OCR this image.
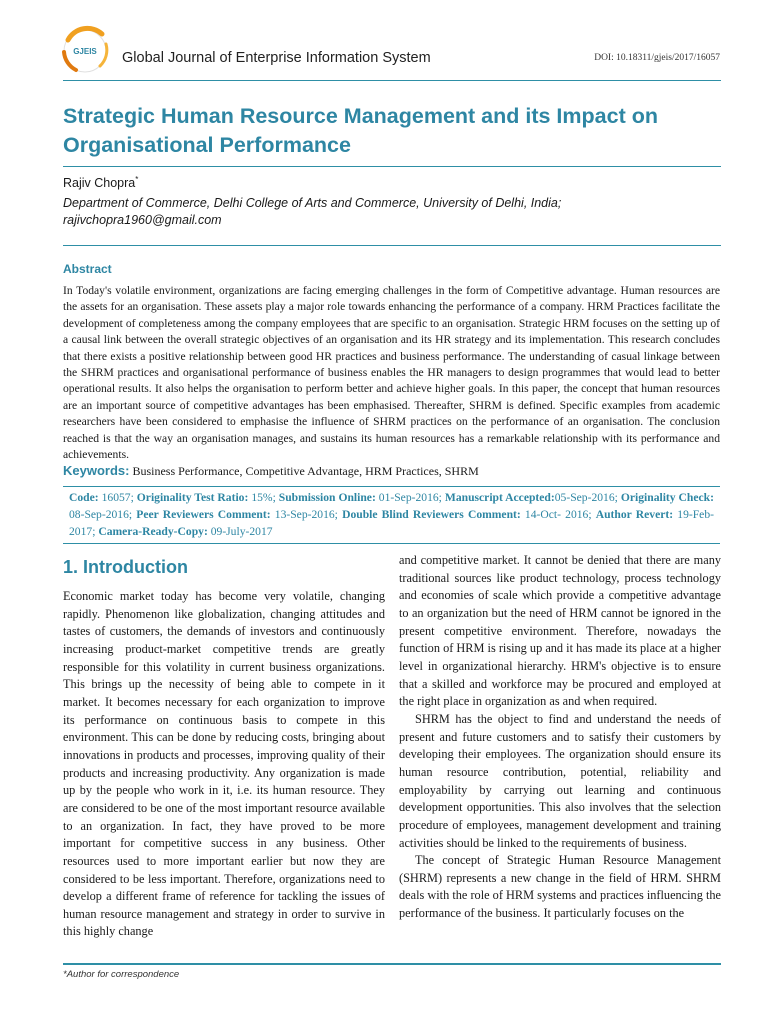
GJEIS Global Journal of Enterprise Information System	DOI: 10.18311/gjeis/2017/16057
Strategic Human Resource Management and its Impact on Organisational Performance
Rajiv Chopra*
Department of Commerce, Delhi College of Arts and Commerce, University of Delhi, India;
rajivchopra1960@gmail.com
Abstract
In Today's volatile environment, organizations are facing emerging challenges in the form of Competitive advantage. Human resources are the assets for an organisation. These assets play a major role towards enhancing the performance of a company. HRM Practices facilitate the development of completeness among the company employees that are specific to an organisation. Strategic HRM focuses on the setting up of a causal link between the overall strategic objectives of an organisation and its HR strategy and its implementation. This research concludes that there exists a positive relationship between good HR practices and business performance. The understanding of casual linkage between the SHRM practices and organisational performance of business enables the HR managers to design programmes that would lead to better operational results. It also helps the organisation to perform better and achieve higher goals. In this paper, the concept that human resources are an important source of competitive advantages has been emphasised. Thereafter, SHRM is defined. Specific examples from academic researchers have been considered to emphasise the influence of SHRM practices on the performance of an organisation. The conclusion reached is that the way an organisation manages, and sustains its human resources has a remarkable relationship with its performance and achievements.
Keywords: Business Performance, Competitive Advantage, HRM Practices, SHRM
Code: 16057; Originality Test Ratio: 15%; Submission Online: 01-Sep-2016; Manuscript Accepted:05-Sep-2016; Originality Check: 08-Sep-2016; Peer Reviewers Comment: 13-Sep-2016; Double Blind Reviewers Comment: 14-Oct- 2016; Author Revert: 19-Feb-2017; Camera-Ready-Copy: 09-July-2017
1. Introduction

Economic market today has become very volatile, changing rapidly. Phenomenon like globalization, changing attitudes and tastes of customers, the demands of investors and continuously increasing product-market competitive trends are greatly responsible for this volatility in current business organizations. This brings up the necessity of being able to compete in it market. It becomes necessary for each organization to improve its performance on continuous basis to compete in this environment. This can be done by reducing costs, bringing about innovations in products and processes, improving quality of their products and increasing productivity. Any organization is made up by the people who work in it, i.e. its human resource. They are considered to be one of the most important resource available to an organization. In fact, they have proved to be more important for competitive success in any business. Other resources used to more important earlier but now they are considered to be less important. Therefore, organizations need to develop a different frame of reference for tackling the issues of human resource management and strategy in order to survive in this highly change

and competitive market. It cannot be denied that there are many traditional sources like product technology, process technology and economies of scale which provide a competitive advantage to an organization but the need of HRM cannot be ignored in the present competitive environment. Therefore, nowadays the function of HRM is rising up and it has made its place at a higher level in organizational hierarchy. HRM's objective is to ensure that a skilled and workforce may be procured and employed at the right place in organization as and when required.

SHRM has the object to find and understand the needs of present and future customers and to satisfy their customers by developing their employees. The organization should ensure its human resource contribution, potential, reliability and employability by carrying out learning and continuous development opportunities. This also involves that the selection procedure of employees, management development and training activities should be linked to the requirements of business.

The concept of Strategic Human Resource Management (SHRM) represents a new change in the field of HRM. SHRM deals with the role of HRM systems and practices influencing the performance of the business. It particularly focuses on the

*Author for correspondence
